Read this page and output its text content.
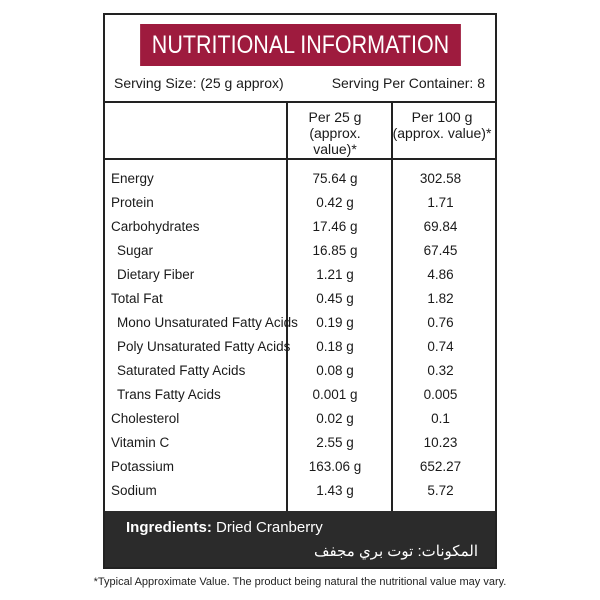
NUTRITIONAL INFORMATION
Serving Size: (25 g approx)	Serving Per Container: 8
Per 25 g
(approx. value)*
Per 100 g
(approx. value)*
Energy	75.64 g	302.58
Protein	0.42 g	1.71
Carbohydrates	17.46 g	69.84
Sugar	16.85 g	67.45
Dietary Fiber	1.21 g	4.86
Total Fat	0.45 g	1.82
Mono Unsaturated Fatty Acids	0.19 g	0.76
Poly Unsaturated Fatty Acids	0.18 g	0.74
Saturated Fatty Acids	0.08 g	0.32
Trans Fatty Acids	0.001 g	0.005
Cholesterol	0.02 g	0.1
Vitamin C	2.55 g	10.23
Potassium	163.06 g	652.27
Sodium	1.43 g	5.72
Ingredients: Dried Cranberry
المكونات: توت بري مجفف
*Typical Approximate Value. The product being natural the nutritional value may vary.
